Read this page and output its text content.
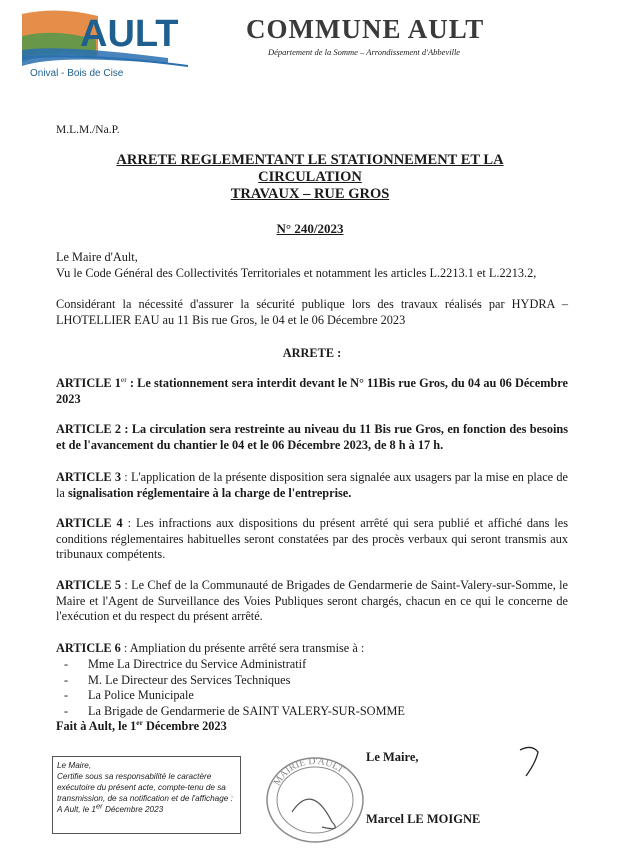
AULT
Onival - Bois de Cise
COMMUNE AULT
Département de la Somme – Arrondissement d'Abbeville
M.L.M./Na.P.
ARRETE REGLEMENTANT LE STATIONNEMENT ET LA
CIRCULATION
TRAVAUX – RUE GROS
N° 240/2023
Le Maire d'Ault,
Vu le Code Général des Collectivités Territoriales et notamment les articles L.2213.1 et L.2213.2,
Considérant la nécessité d'assurer la sécurité publique lors des travaux réalisés par HYDRA – LHOTELLIER EAU au 11 Bis rue Gros, le 04 et le 06 Décembre 2023
ARRETE :
ARTICLE 1er : Le stationnement sera interdit devant le N° 11Bis rue Gros, du 04 au 06 Décembre 2023
ARTICLE 2 : La circulation sera restreinte au niveau du 11 Bis rue Gros, en fonction des besoins et de l'avancement du chantier le 04 et le 06 Décembre 2023, de 8 h à 17 h.
ARTICLE 3 : L'application de la présente disposition sera signalée aux usagers par la mise en place de la signalisation réglementaire à la charge de l'entreprise.
ARTICLE 4 : Les infractions aux dispositions du présent arrêté qui sera publié et affiché dans les conditions réglementaires habituelles seront constatées par des procès verbaux qui seront transmis aux tribunaux compétents.
ARTICLE 5 : Le Chef de la Communauté de Brigades de Gendarmerie de Saint-Valery-sur-Somme, le Maire et l'Agent de Surveillance des Voies Publiques seront chargés, chacun en ce qui le concerne de l'exécution et du respect du présent arrêté.
ARTICLE 6 : Ampliation du présente arrêté sera transmise à :
-	Mme La Directrice du Service Administratif
-	M. Le Directeur des Services Techniques
-	La Police Municipale
-	La Brigade de Gendarmerie de SAINT VALERY-SUR-SOMME
Fait à Ault, le 1er Décembre 2023
Le Maire,
Certifie sous sa responsabilité le caractère exécutoire du présent acte, compte-tenu de sa transmission, de sa notification et de l'affichage :
A Ault, le 1er Décembre 2023
MAIRIE D'AULT
Le Maire,
Marcel LE MOIGNE
